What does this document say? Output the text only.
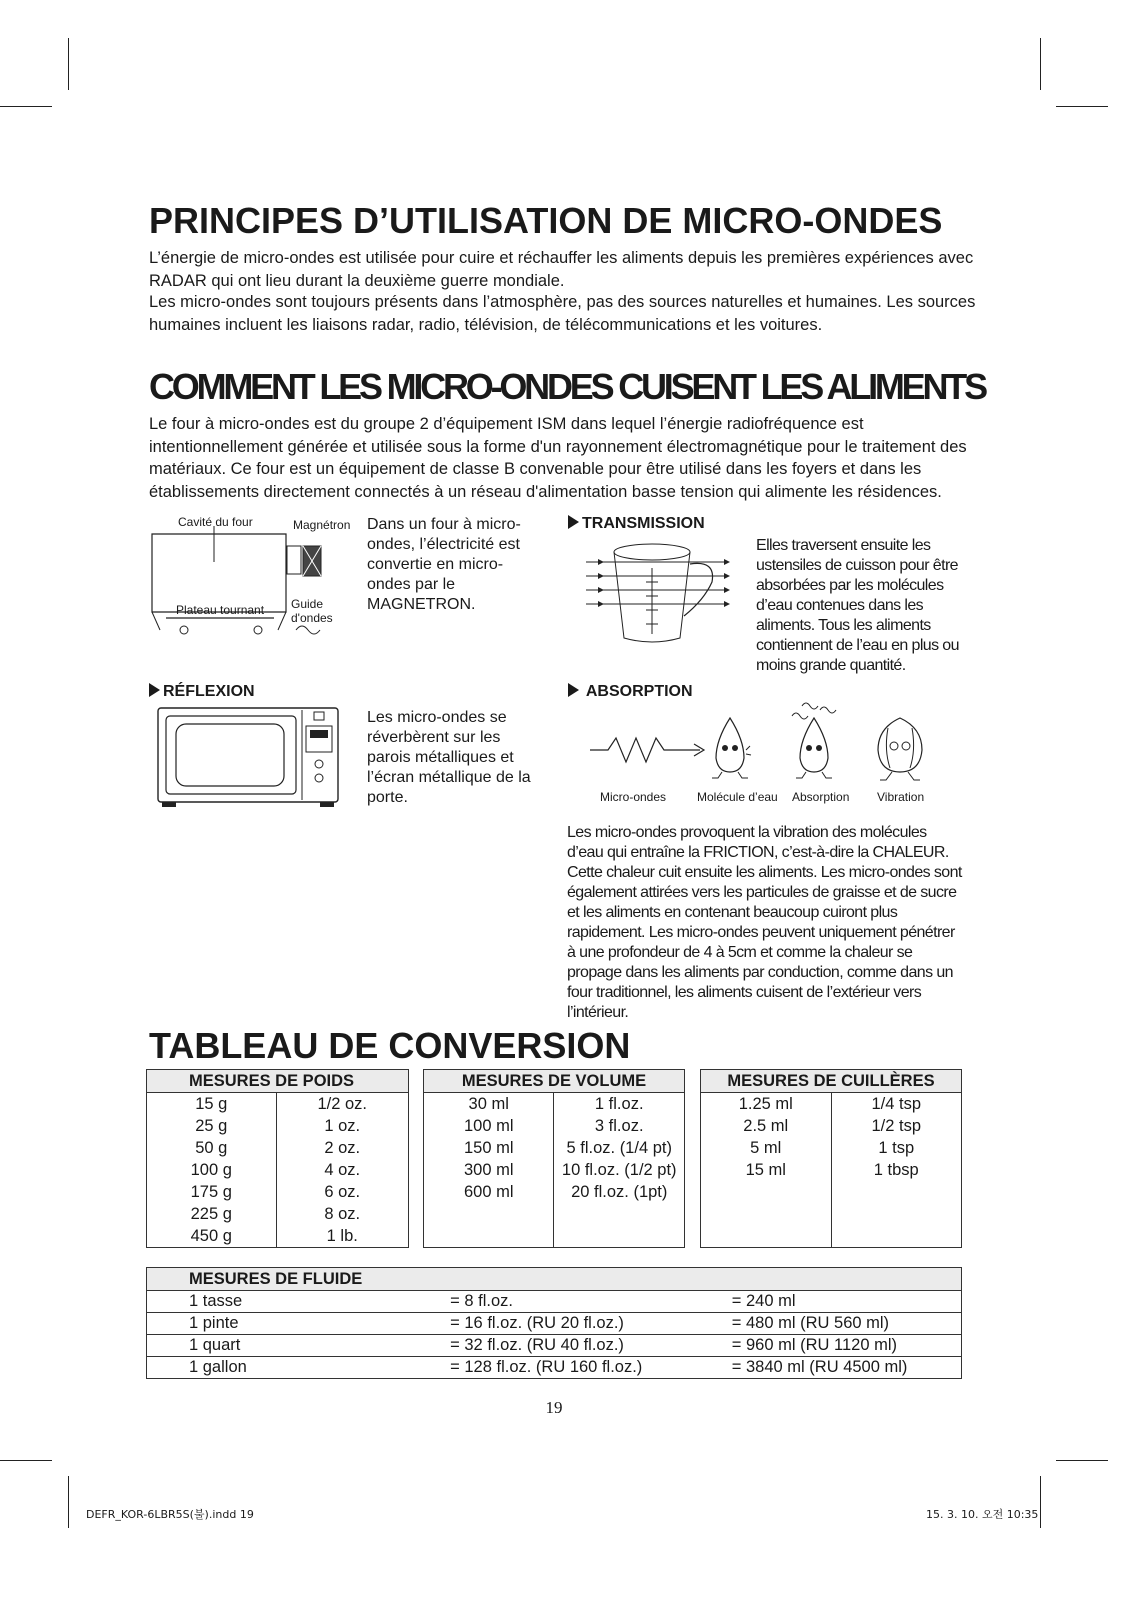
PRINCIPES D’UTILISATION DE MICRO-ONDES

L’énergie de micro-ondes est utilisée pour cuire et réchauffer les aliments depuis les premières expériences avec RADAR qui ont lieu durant la deuxième guerre mondiale.

Les micro-ondes sont toujours présents dans l’atmosphère, pas des sources naturelles et humaines. Les sources humaines incluent les liaisons radar, radio, télévision, de télécommunications et les voitures.

COMMENT LES MICRO-ONDES CUISENT LES ALIMENTS

Le four à micro-ondes est du groupe 2 d’équipement ISM dans lequel l’énergie radiofréquence est intentionnellement générée et utilisée sous la forme d'un rayonnement électromagnétique pour le traitement des matériaux. Ce four est un équipement de classe B convenable pour être utilisé dans les foyers et dans les établissements directement connectés à un réseau d'alimentation basse tension qui alimente les résidences.

Cavité du four	Magnétron
Plateau tournant Guide
d'ondes

Dans un four à micro-ondes, l’électricité est convertie en micro-ondes par le MAGNETRON.

TRANSMISSION

Elles traversent ensuite les ustensiles de cuisson pour être absorbées par les molécules d’eau contenues dans les aliments. Tous les aliments contiennent de l’eau en plus ou moins grande quantité.

RÉFLEXION

Les micro-ondes se réverbèrent sur les parois métalliques et l’écran métallique de la porte.

ABSORPTION
Micro-ondes	Molécule d’eau Absorption Vibration

Les micro-ondes provoquent la vibration des molécules d’eau qui entraîne la FRICTION, c’est-à-dire la CHALEUR. Cette chaleur cuit ensuite les aliments. Les micro-ondes sont également attirées vers les particules de graisse et de sucre et les aliments en contenant beaucoup cuiront plus rapidement. Les micro-ondes peuvent uniquement pénétrer à une profondeur de 4 à 5cm et comme la chaleur se propage dans les aliments par conduction, comme dans un four traditionnel, les aliments cuisent de l’extérieur vers l’intérieur.

TABLEAU DE CONVERSION
MESURES DE POIDS	
15 g	1/2 oz.
25 g	1 oz.
50 g	2 oz.
100 g	4 oz.
175 g	6 oz.
225 g	8 oz.
450 g	1 lb.
MESURES DE VOLUME	
30 ml	1 fl.oz.
100 ml	3 fl.oz.
150 ml	5 fl.oz. (1/4 pt)
300 ml	10 fl.oz. (1/2 pt)
600 ml	20 fl.oz. (1pt)

MESURES DE CUILLÈRES	
1.25 ml	1/4 tsp
2.5 ml	1/2 tsp
5 ml	1 tsp
15 ml	1 tbsp

MESURES DE FLUIDE		
1 tasse	= 8 fl.oz.	= 240 ml
1 pinte	= 16 fl.oz. (RU 20 fl.oz.)	= 480 ml (RU 560 ml)
1 quart	= 32 fl.oz. (RU 40 fl.oz.)	= 960 ml (RU 1120 ml)
1 gallon	= 128 fl.oz. (RU 160 fl.oz.)	= 3840 ml (RU 4500 ml)
19
DEFR_KOR-6LBR5S(불).indd 19	15. 3. 10. 오전 10:35
